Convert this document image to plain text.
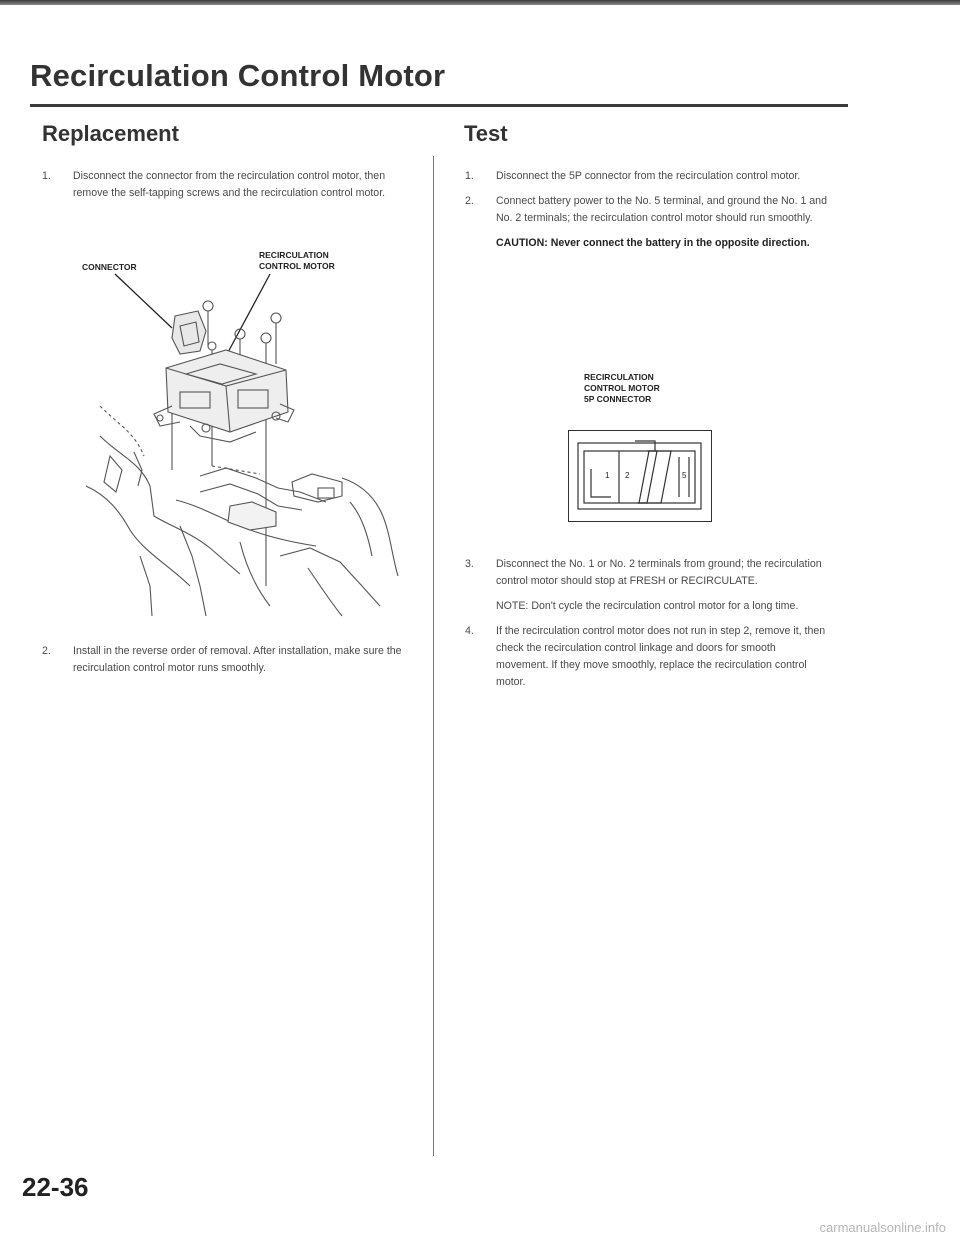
Recirculation Control Motor
Replacement	Test
1. Disconnect the connector from the recirculation control motor, then remove the self-tapping screws and the recirculation control motor.

CONNECTOR

RECIRCULATION

CONTROL MOTOR

2. Install in the reverse order of removal. After installation, make sure the recirculation control motor runs smoothly.
1. Disconnect the 5P connector from the recirculation control motor.
2. Connect battery power to the No. 5 terminal, and ground the No. 1 and No. 2 terminals; the recirculation control motor should run smoothly.
CAUTION: Never connect the battery in the opposite direction.

RECIRCULATION

CONTROL MOTOR

5P CONNECTOR

1 2	5
3. Disconnect the No. 1 or No. 2 terminals from ground; the recirculation control motor should stop at FRESH or RECIRCULATE.
NOTE: Don't cycle the recirculation control motor for a long time.
4. If the recirculation control motor does not run in step 2, remove it, then check the recirculation control linkage and doors for smooth movement. If they move smoothly, replace the recirculation control motor.

22-36

carmanualsonline.info
